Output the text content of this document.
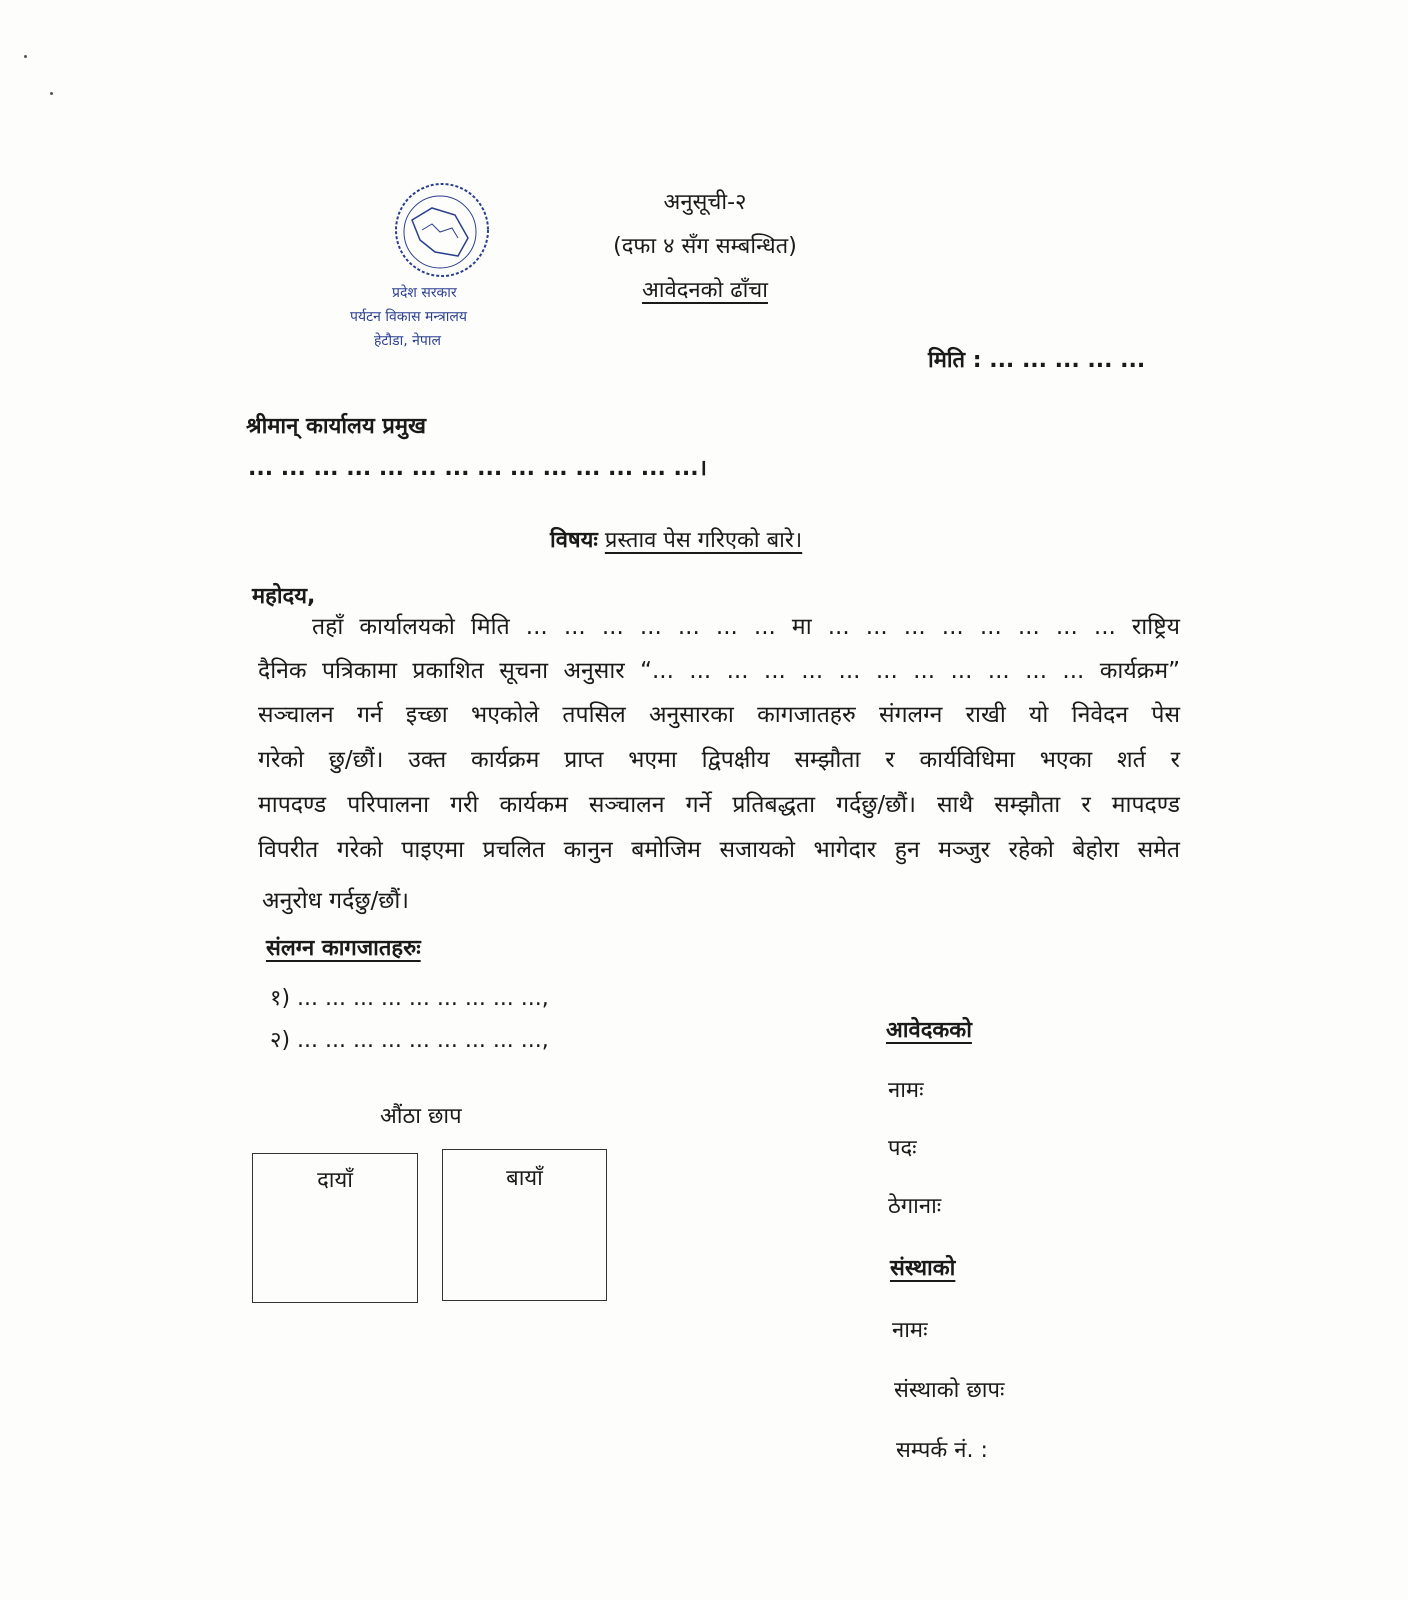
प्रदेश सरकार
पर्यटन विकास मन्त्रालय
हेटौडा, नेपाल
अनुसूची-२
(दफा ४ सँग सम्बन्धित)
आवेदनको ढाँचा
मिति : ... ... ... ... ...
श्रीमान् कार्यालय प्रमुख
... ... ... ... ... ... ... ... ... ... ... ... ... ...।
विषयः प्रस्ताव पेस गरिएको बारे।
महोदय,
तहाँ कार्यालयको मिति ... ... ... ... ... ... ... मा ... ... ... ... ... ... ... ... राष्ट्रिय
दैनिक पत्रिकामा प्रकाशित सूचना अनुसार “... ... ... ... ... ... ... ... ... ... ... ... कार्यक्रम”
सञ्चालन गर्न इच्छा भएकोले तपसिल अनुसारका कागजातहरु संगलग्न राखी यो निवेदन पेस
गरेको छु/छौं। उक्त कार्यक्रम प्राप्त भएमा द्विपक्षीय सम्झौता र कार्यविधिमा भएका शर्त र
मापदण्ड परिपालना गरी कार्यकम सञ्चालन गर्ने प्रतिबद्धता गर्दछु/छौं। साथै सम्झौता र मापदण्ड
विपरीत गरेको पाइएमा प्रचलित कानुन बमोजिम सजायको भागेदार हुन मञ्जुर रहेको बेहोरा समेत
अनुरोध गर्दछु/छौं।
संलग्न कागजातहरुः
१) ... ... ... ... ... ... ... ... ...,
२) ... ... ... ... ... ... ... ... ...,
औंठा छाप
दायाँ	बायाँ
आवेदकको
नामः
पदः
ठेगानाः
संस्थाको
नामः
संस्थाको छापः
सम्पर्क नं. :
